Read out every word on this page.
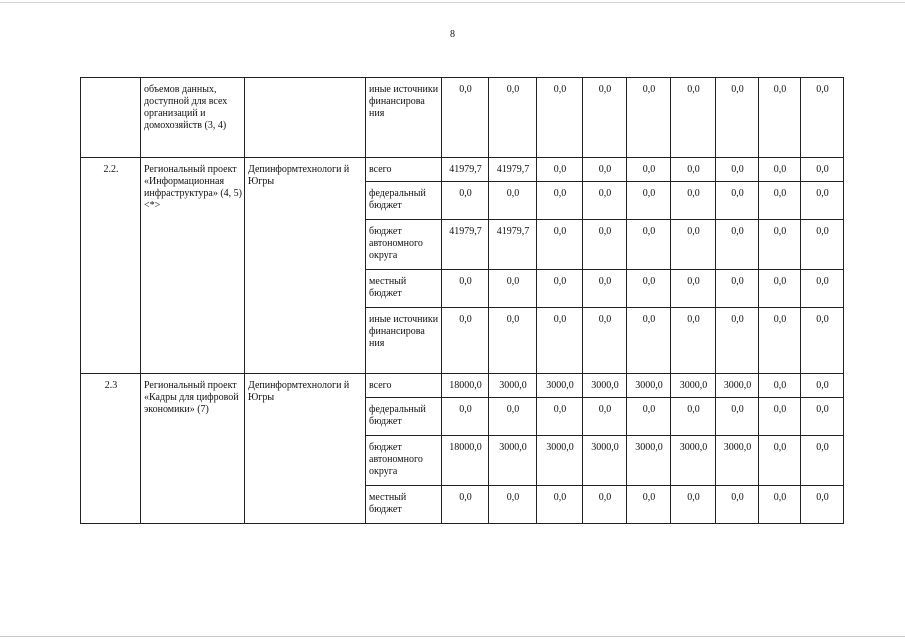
8
	объемов данных, доступной для всех организаций и домохозяйств (3, 4)		иные источники финансирова ния	0,0	0,0	0,0	0,0	0,0	0,0	0,0	0,0	0,0
2.2.	Региональный проект «Информационная инфраструктура» (4, 5) <*>	Депинформтехнологи й Югры	всего	41979,7	41979,7	0,0	0,0	0,0	0,0	0,0	0,0	0,0
			федеральный бюджет	0,0	0,0	0,0	0,0	0,0	0,0	0,0	0,0	0,0
			бюджет автономного округа	41979,7	41979,7	0,0	0,0	0,0	0,0	0,0	0,0	0,0
			местный бюджет	0,0	0,0	0,0	0,0	0,0	0,0	0,0	0,0	0,0
			иные источники финансирова ния	0,0	0,0	0,0	0,0	0,0	0,0	0,0	0,0	0,0
2.3	Региональный проект «Кадры для цифровой экономики» (7)	Депинформтехнологи й Югры	всего	18000,0	3000,0	3000,0	3000,0	3000,0	3000,0	3000,0	0,0	0,0
			федеральный бюджет	0,0	0,0	0,0	0,0	0,0	0,0	0,0	0,0	0,0
			бюджет автономного округа	18000,0	3000,0	3000,0	3000,0	3000,0	3000,0	3000,0	0,0	0,0
			местный бюджет	0,0	0,0	0,0	0,0	0,0	0,0	0,0	0,0	0,0
